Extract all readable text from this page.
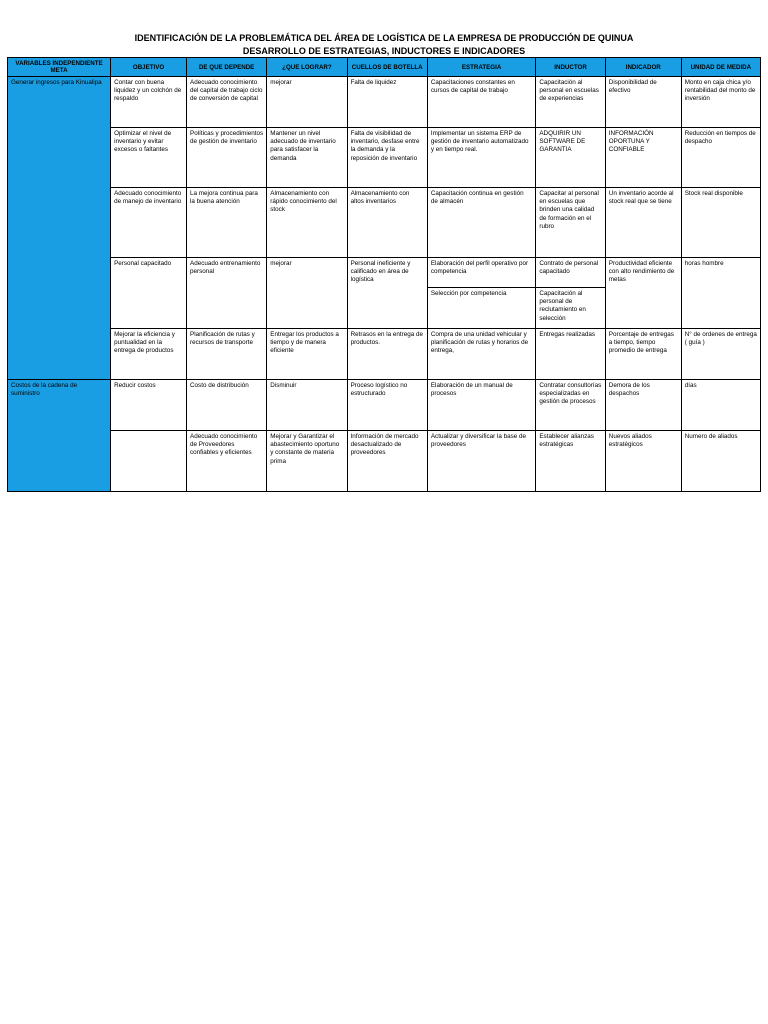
IDENTIFICACIÓN DE LA PROBLEMÁTICA DEL ÁREA DE LOGÍSTICA DE LA EMPRESA DE PRODUCCIÓN DE QUINUA
DESARROLLO DE ESTRATEGIAS, INDUCTORES E INDICADORES
VARIABLES INDEPENDIENTE META	OBJETIVO	DE QUE DEPENDE	¿QUE LOGRAR?	CUELLOS DE BOTELLA	ESTRATEGIA	INDUCTOR	INDICADOR	UNIDAD DE MEDIDA
Generar ingresos para Kinualipa	Contar con buena liquidez y un colchón de respaldo	Adecuado conocimiento del capital de trabajo ciclo de conversión de capital	mejorar	Falta de liquidez	Capacitaciones constantes en cursos de capital de trabajo	Capacitación al personal en escuelas de experiencias	Disponibilidad de efectivo	Monto en caja chica y/o rentabilidad del monto de inversión
	Optimizar el nivel de inventario y evitar excesos o faltantes	Políticas y procedimientos de gestión de inventario	Mantener un nivel adecuado de inventario para satisfacer la demanda	Falta de visibilidad de inventario, desfase entre la demanda y la reposición de inventario	Implementar un sistema ERP de gestión de inventario automatizado y en tiempo real.	ADQUIRIR UN SOFTWARE DE GARANTIA	INFORMACIÓN OPORTUNA Y CONFIABLE	Reducción en tiempos de despacho
	Adecuado conocimiento de manejo de inventario	La mejora continua para la buena atención	Almacenamiento con rápido conocimiento del stock	Almacenamiento con altos inventarios	Capacitación continua en gestión de almacén	Capacitar al personal en escuelas que brinden una calidad de formación en el rubro	Un inventario acorde al stock real que se tiene	Stock real disponible
	Personal capacitado	Adecuado entrenamiento personal	mejorar	Personal ineficiente y calificado en área de logística	Elaboración del perfil operativo por competencia	Contrato de personal capacitado	Productividad eficiente con alto rendimiento de metas	horas hombre
					Selección por competencia	Capacitación al personal de reclutamiento en selección		
	Mejorar la eficiencia y puntualidad en la entrega de productos	Planificación de rutas y recursos de transporte	Entregar los productos a tiempo y de manera eficiente	Retrasos en la entrega de productos.	Compra de una unidad vehicular y planificación de rutas y horarios de entrega,	Entregas realizadas	Porcentaje de entregas a tiempo, tiempo promedio de entrega	N° de ordenes de entrega ( guía )
Costos de la cadena de suministro	Reducir costos	Costo de distribución	Disminuir	Proceso logístico no estructurado	Elaboración de un manual de procesos	Contratar consultorías especializadas en gestión de procesos	Demora de los despachos	días
		Adecuado conocimiento de Proveedores confiables y eficientes	Mejorar y Garantizar el abastecimiento oportuno y constante de materia prima	Información de mercado desactualizado de proveedores	Actualizar y diversificar la base de proveedores	Establecer alianzas estratégicas	Nuevos aliados estratégicos	Numero de aliados
